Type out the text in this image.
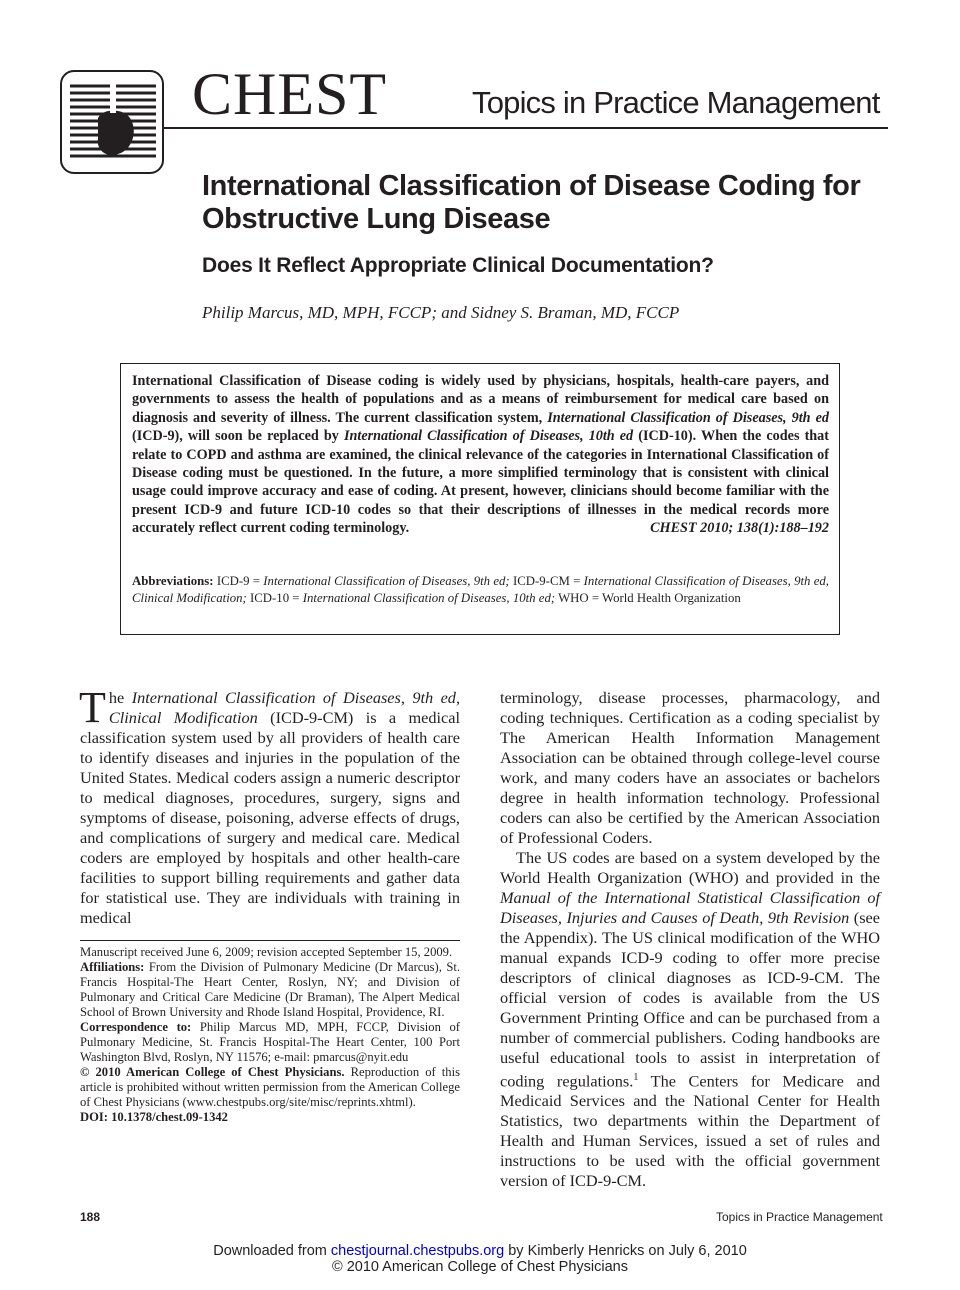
CHEST	Topics in Practice Management
International Classification of Disease Coding for Obstructive Lung Disease
Does It Reflect Appropriate Clinical Documentation?
Philip Marcus, MD, MPH, FCCP; and Sidney S. Braman, MD, FCCP
International Classification of Disease coding is widely used by physicians, hospitals, health-care payers, and governments to assess the health of populations and as a means of reimbursement for medical care based on diagnosis and severity of illness. The current classification system, International Classification of Diseases, 9th ed (ICD-9), will soon be replaced by International Classification of Diseases, 10th ed (ICD-10). When the codes that relate to COPD and asthma are examined, the clinical relevance of the categories in International Classification of Disease coding must be questioned. In the future, a more simplified terminology that is consistent with clinical usage could improve accuracy and ease of coding. At present, however, clinicians should become familiar with the present ICD-9 and future ICD-10 codes so that their descriptions of illnesses in the medical records more accurately reflect current coding terminology.	CHEST 2010; 138(1):188–192
Abbreviations: ICD-9 = International Classification of Diseases, 9th ed; ICD-9-CM = International Classification of Diseases, 9th ed, Clinical Modification; ICD-10 = International Classification of Diseases, 10th ed; WHO = World Health Organization

The International Classification of Diseases, 9th ed, Clinical Modification (ICD-9-CM) is a medical classification system used by all providers of health care to identify diseases and injuries in the population of the United States. Medical coders assign a numeric descriptor to medical diagnoses, procedures, surgery, signs and symptoms of disease, poisoning, adverse effects of drugs, and complications of surgery and medical care. Medical coders are employed by hospitals and other health-care facilities to support billing requirements and gather data for statistical use. They are individuals with training in medical

Manuscript received June 6, 2009; revision accepted September 15, 2009.

Affiliations: From the Division of Pulmonary Medicine (Dr Marcus), St. Francis Hospital-The Heart Center, Roslyn, NY; and Division of Pulmonary and Critical Care Medicine (Dr Braman), The Alpert Medical School of Brown University and Rhode Island Hospital, Providence, RI.

Correspondence to: Philip Marcus MD, MPH, FCCP, Division of Pulmonary Medicine, St. Francis Hospital-The Heart Center, 100 Port Washington Blvd, Roslyn, NY 11576; e-mail: pmarcus@nyit.edu

© 2010 American College of Chest Physicians. Reproduction of this article is prohibited without written permission from the American College of Chest Physicians (www.chestpubs.org/site/misc/reprints.xhtml).

DOI: 10.1378/chest.09-1342

terminology, disease processes, pharmacology, and coding techniques. Certification as a coding specialist by The American Health Information Management Association can be obtained through college-level course work, and many coders have an associates or bachelors degree in health information technology. Professional coders can also be certified by the American Association of Professional Coders.

The US codes are based on a system developed by the World Health Organization (WHO) and provided in the Manual of the International Statistical Classification of Diseases, Injuries and Causes of Death, 9th Revision (see the Appendix). The US clinical modification of the WHO manual expands ICD-9 coding to offer more precise descriptors of clinical diagnoses as ICD-9-CM. The official version of codes is available from the US Government Printing Office and can be purchased from a number of commercial publishers. Coding handbooks are useful educational tools to assist in interpretation of coding regulations.$^1$ The Centers for Medicare and Medicaid Services and the National Center for Health Statistics, two departments within the Department of Health and Human Services, issued a set of rules and instructions to be used with the official government version of ICD-9-CM.

188	Topics in Practice Management
Downloaded from chestjournal.chestpubs.org by Kimberly Henricks on July 6, 2010
© 2010 American College of Chest Physicians
